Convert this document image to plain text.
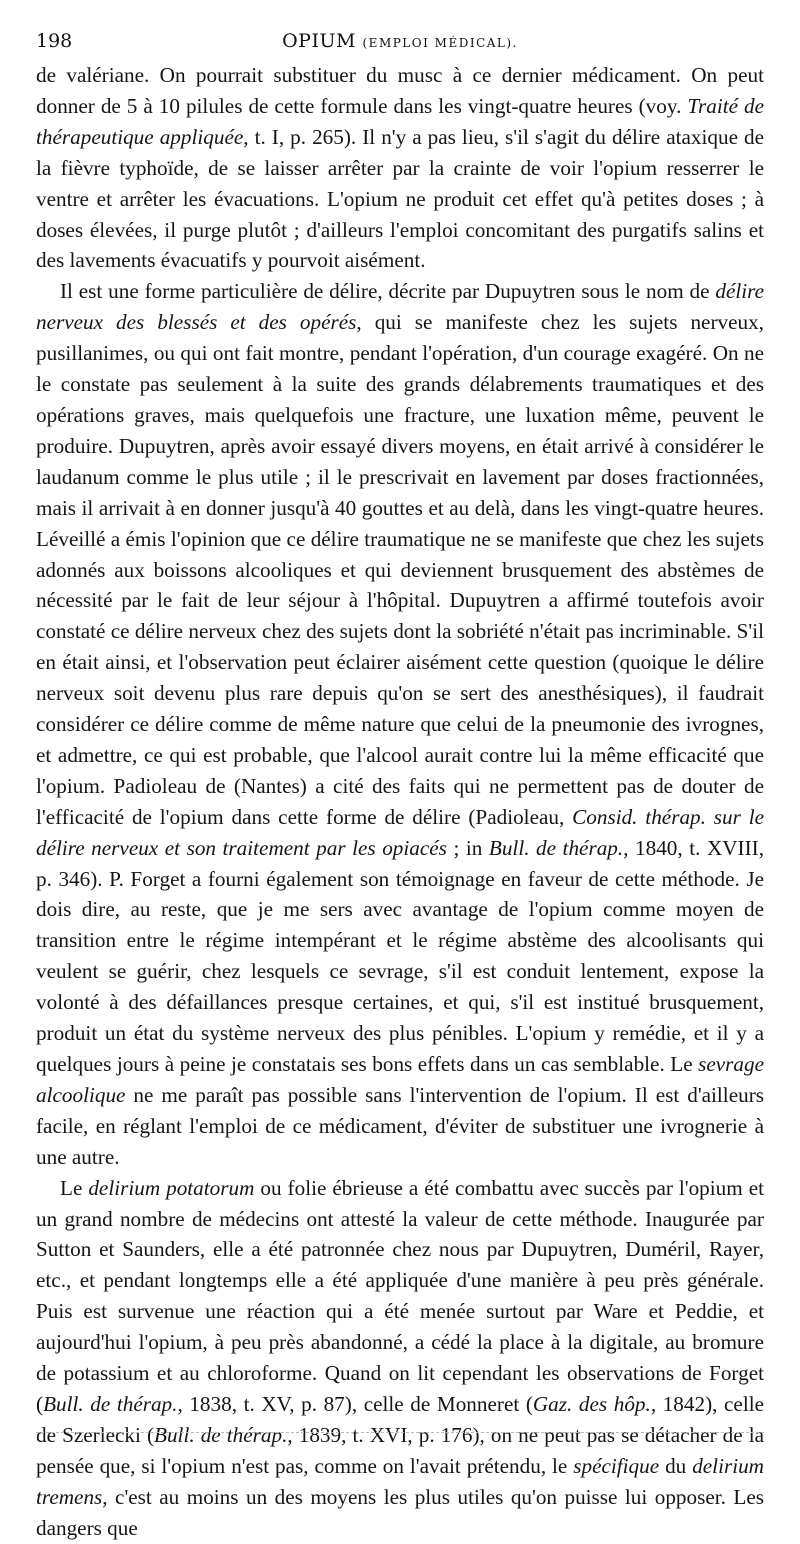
198	OPIUM (EMPLOI MÉDICAL).

de valériane. On pourrait substituer du musc à ce dernier médicament. On peut donner de 5 à 10 pilules de cette formule dans les vingt-quatre heures (voy. Traité de thérapeutique appliquée, t. I, p. 265). Il n'y a pas lieu, s'il s'agit du délire ataxique de la fièvre typhoïde, de se laisser arrêter par la crainte de voir l'opium resserrer le ventre et arrêter les évacuations. L'opium ne produit cet effet qu'à petites doses ; à doses élevées, il purge plutôt ; d'ailleurs l'emploi concomitant des purgatifs salins et des lavements évacuatifs y pourvoit aisément.

Il est une forme particulière de délire, décrite par Dupuytren sous le nom de délire nerveux des blessés et des opérés, qui se manifeste chez les sujets nerveux, pusillanimes, ou qui ont fait montre, pendant l'opération, d'un courage exagéré. On ne le constate pas seulement à la suite des grands délabrements traumatiques et des opérations graves, mais quelquefois une fracture, une luxation même, peuvent le produire. Dupuytren, après avoir essayé divers moyens, en était arrivé à considérer le laudanum comme le plus utile ; il le prescrivait en lavement par doses fractionnées, mais il arrivait à en donner jusqu'à 40 gouttes et au delà, dans les vingt-quatre heures. Léveillé a émis l'opinion que ce délire traumatique ne se manifeste que chez les sujets adonnés aux boissons alcooliques et qui deviennent brusquement des abstèmes de nécessité par le fait de leur séjour à l'hôpital. Dupuytren a affirmé toutefois avoir constaté ce délire nerveux chez des sujets dont la sobriété n'était pas incriminable. S'il en était ainsi, et l'observation peut éclairer aisément cette question (quoique le délire nerveux soit devenu plus rare depuis qu'on se sert des anesthésiques), il faudrait considérer ce délire comme de même nature que celui de la pneumonie des ivrognes, et admettre, ce qui est probable, que l'alcool aurait contre lui la même efficacité que l'opium. Padioleau de (Nantes) a cité des faits qui ne permettent pas de douter de l'efficacité de l'opium dans cette forme de délire (Padioleau, Consid. thérap. sur le délire nerveux et son traitement par les opiacés ; in Bull. de thérap., 1840, t. XVIII, p. 346). P. Forget a fourni également son témoignage en faveur de cette méthode. Je dois dire, au reste, que je me sers avec avantage de l'opium comme moyen de transition entre le régime intempérant et le régime abstème des alcoolisants qui veulent se guérir, chez lesquels ce sevrage, s'il est conduit lentement, expose la volonté à des défaillances presque certaines, et qui, s'il est institué brusquement, produit un état du système nerveux des plus pénibles. L'opium y remédie, et il y a quelques jours à peine je constatais ses bons effets dans un cas semblable. Le sevrage alcoolique ne me paraît pas possible sans l'intervention de l'opium. Il est d'ailleurs facile, en réglant l'emploi de ce médicament, d'éviter de substituer une ivrognerie à une autre.

Le delirium potatorum ou folie ébrieuse a été combattu avec succès par l'opium et un grand nombre de médecins ont attesté la valeur de cette méthode. Inaugurée par Sutton et Saunders, elle a été patronnée chez nous par Dupuytren, Duméril, Rayer, etc., et pendant longtemps elle a été appliquée d'une manière à peu près générale. Puis est survenue une réaction qui a été menée surtout par Ware et Peddie, et aujourd'hui l'opium, à peu près abandonné, a cédé la place à la digitale, au bromure de potassium et au chloroforme. Quand on lit cependant les observations de Forget (Bull. de thérap., 1838, t. XV, p. 87), celle de Monneret (Gaz. des hôp., 1842), celle de Szerlecki (Bull. de thérap., 1839, t. XVI, p. 176), on ne peut pas se détacher de la pensée que, si l'opium n'est pas, comme on l'avait prétendu, le spécifique du delirium tremens, c'est au moins un des moyens les plus utiles qu'on puisse lui opposer. Les dangers que
